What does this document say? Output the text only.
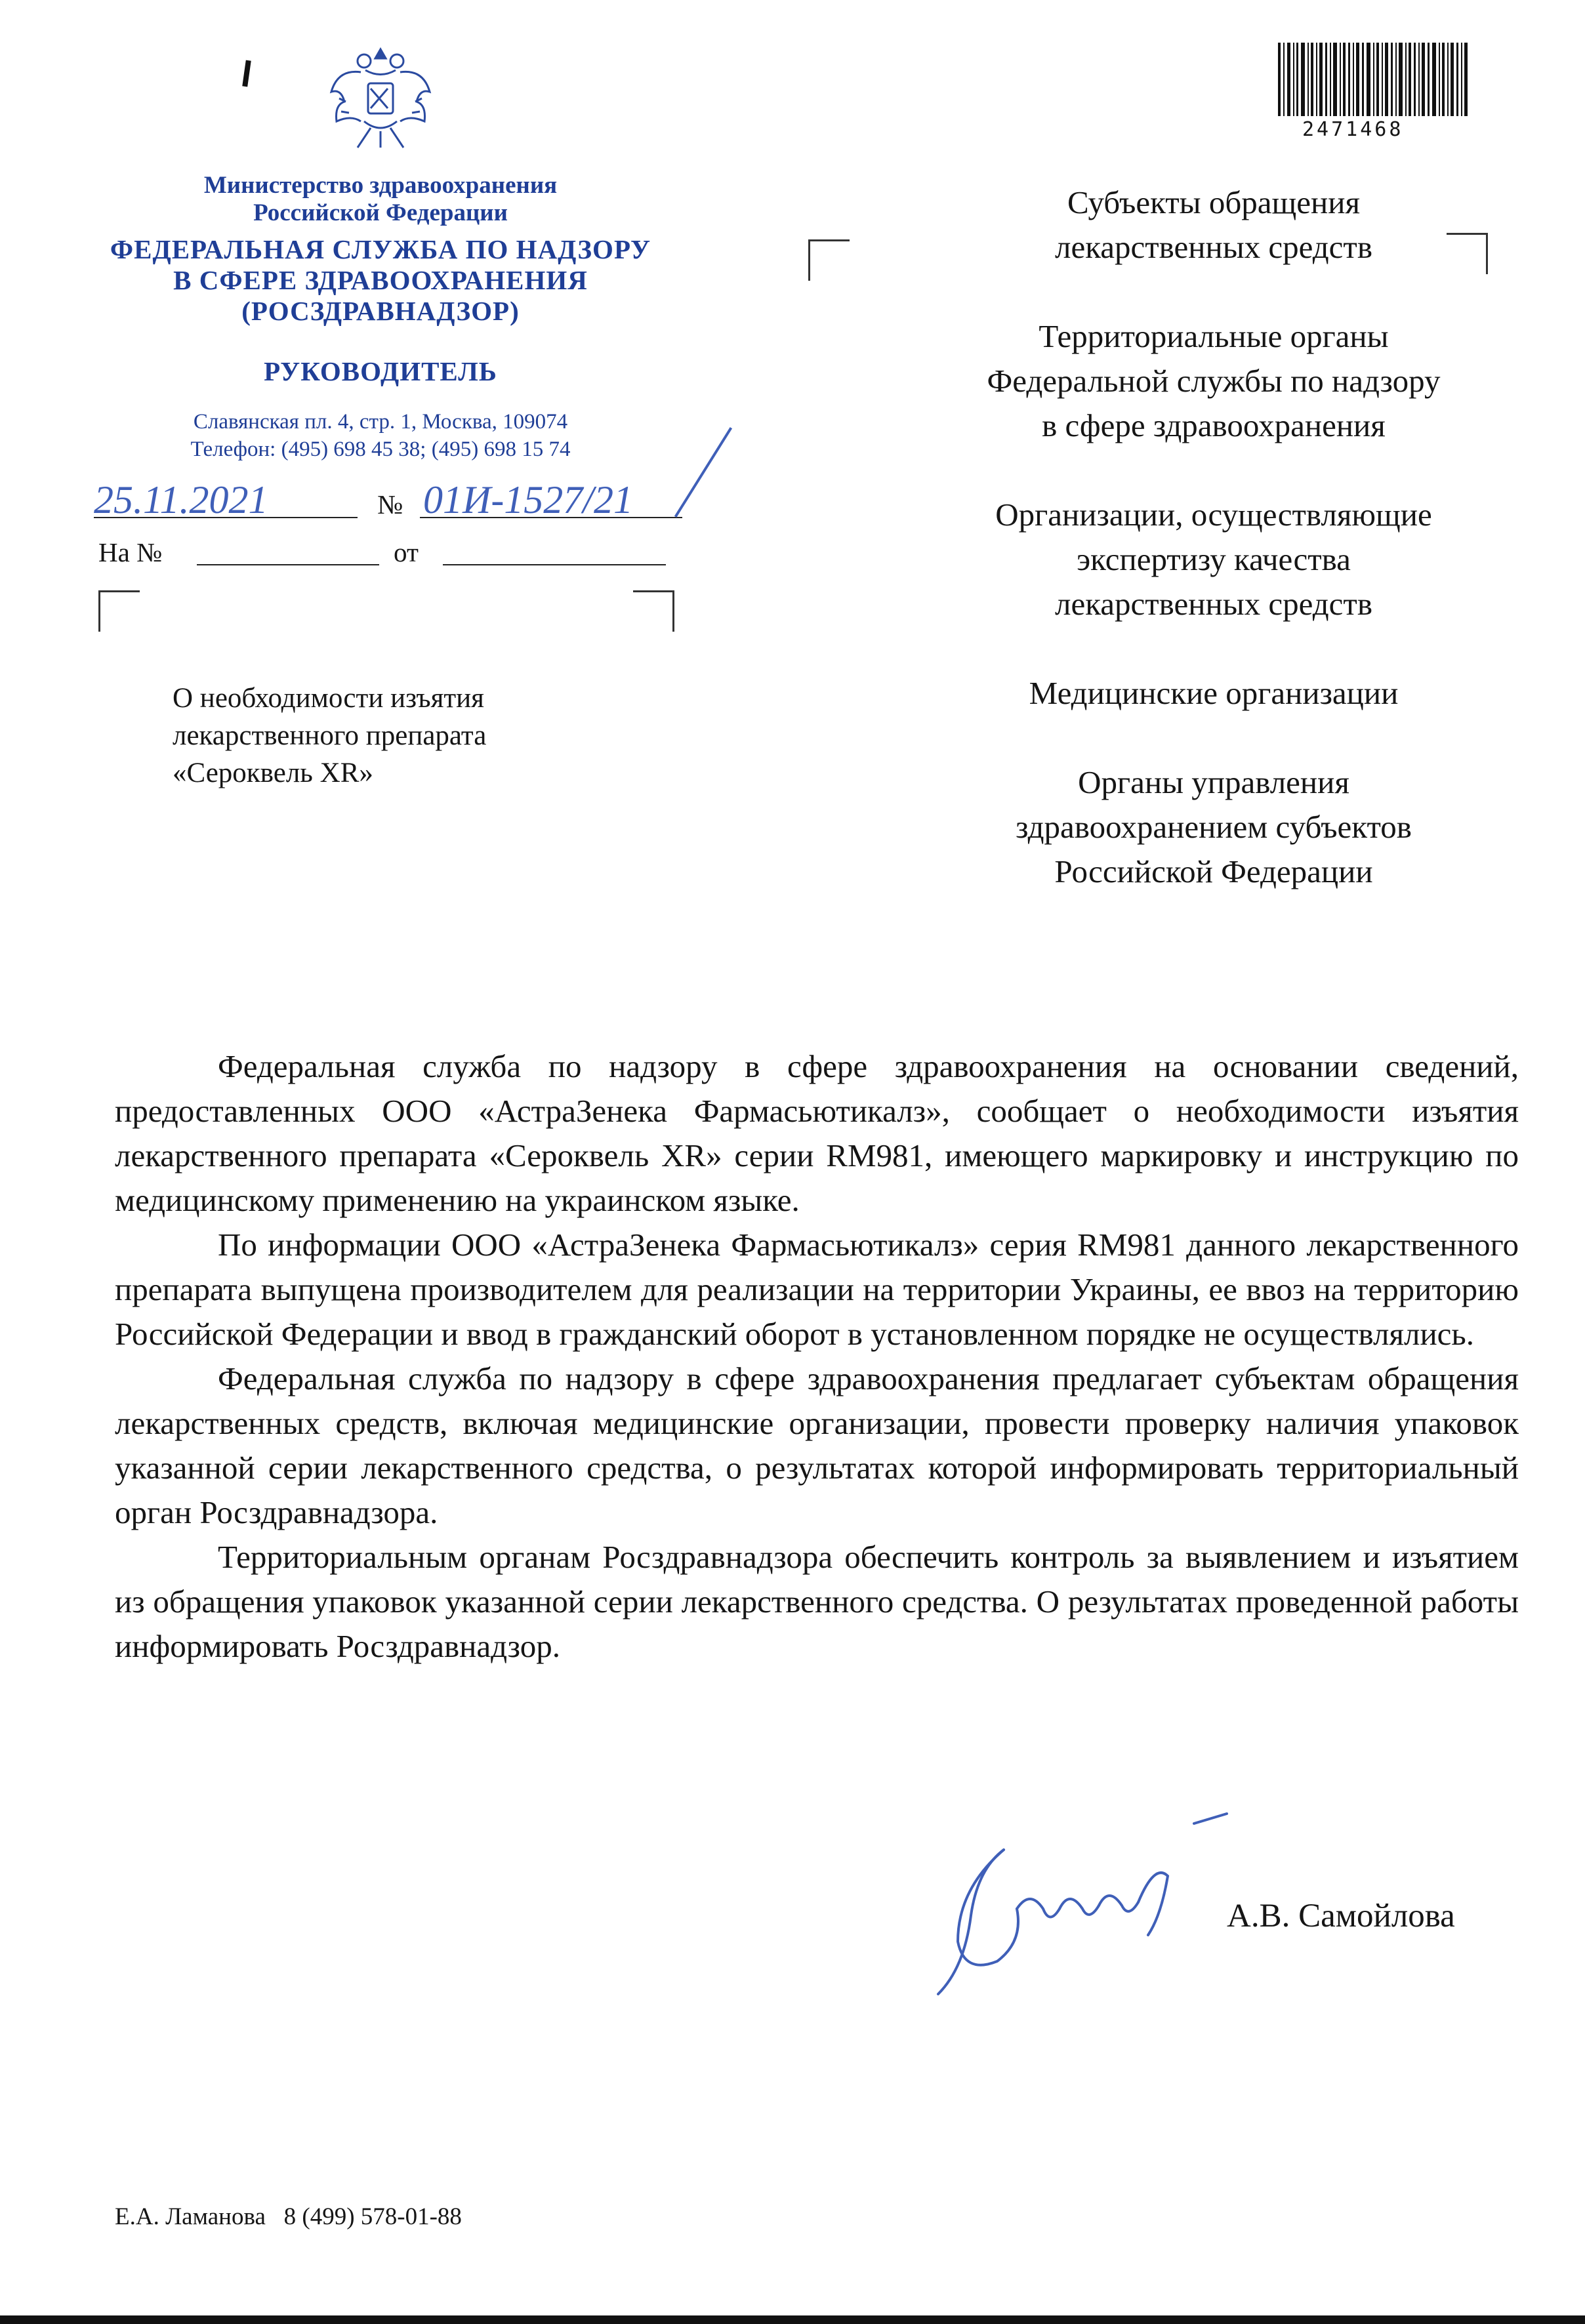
Министерство здравоохранения
Российской Федерации
ФЕДЕРАЛЬНАЯ СЛУЖБА ПО НАДЗОРУ
В СФЕРЕ ЗДРАВООХРАНЕНИЯ
(РОСЗДРАВНАДЗОР)
РУКОВОДИТЕЛЬ
Славянская пл. 4, стр. 1, Москва, 109074
Телефон: (495) 698 45 38; (495) 698 15 74
25.11.2021	№ 01И-1527/21
На №	от
О необходимости изъятия
лекарственного препарата
«Сероквель XR»
2471468

Субъекты обращения
лекарственных средств

Территориальные органы
Федеральной службы по надзору
в сфере здравоохранения

Организации, осуществляющие
экспертизу качества
лекарственных средств

Медицинские организации

Органы управления
здравоохранением субъектов
Российской Федерации

Федеральная служба по надзору в сфере здравоохранения на основании сведений, предоставленных ООО «АстраЗенека Фармасьютикалз», сообщает о необходимости изъятия лекарственного препарата «Сероквель XR» серии RM981, имеющего маркировку и инструкцию по медицинскому применению на украинском языке.

По информации ООО «АстраЗенека Фармасьютикалз» серия RM981 данного лекарственного препарата выпущена производителем для реализации на территории Украины, ее ввоз на территорию Российской Федерации и ввод в гражданский оборот в установленном порядке не осуществлялись.

Федеральная служба по надзору в сфере здравоохранения предлагает субъектам обращения лекарственных средств, включая медицинские организации, провести проверку наличия упаковок указанной серии лекарственного средства, о результатах которой информировать территориальный орган Росздравнадзора.

Территориальным органам Росздравнадзора обеспечить контроль за выявлением и изъятием из обращения упаковок указанной серии лекарственного средства. О результатах проведенной работы информировать Росздравнадзор.

А.В. Самойлова
Е.А. Ламанова 8 (499) 578-01-88
